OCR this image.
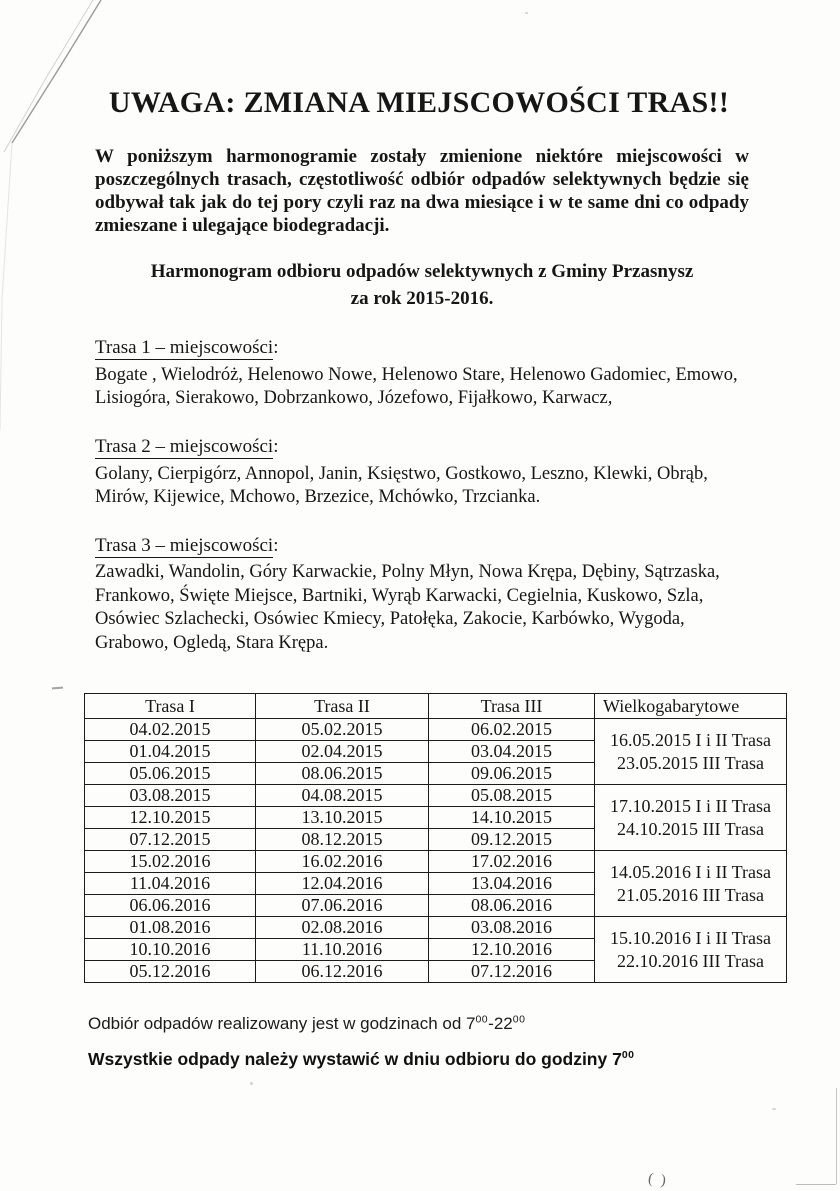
( )
UWAGA: ZMIANA MIEJSCOWOŚCI TRAS!!

W poniższym harmonogramie zostały zmienione niektóre miejscowości w poszczególnych trasach, częstotliwość odbiór odpadów selektywnych będzie się odbywał tak jak do tej pory czyli raz na dwa miesiące i w te same dni co odpady zmieszane i ulegające biodegradacji.

Harmonogram odbioru odpadów selektywnych z Gminy Przasnysz
za rok 2015-2016.
Trasa 1 – miejscowości:
Bogate , Wielodróż, Helenowo Nowe, Helenowo Stare, Helenowo Gadomiec, Emowo, Lisiogóra, Sierakowo, Dobrzankowo, Józefowo, Fijałkowo, Karwacz,
Trasa 2 – miejscowości:
Golany, Cierpigórz, Annopol, Janin, Księstwo, Gostkowo, Leszno, Klewki, Obrąb, Mirów, Kijewice, Mchowo, Brzezice, Mchówko, Trzcianka.
Trasa 3 – miejscowości:
Zawadki, Wandolin, Góry Karwackie, Polny Młyn, Nowa Krępa, Dębiny, Sątrzaska, Frankowo, Święte Miejsce, Bartniki, Wyrąb Karwacki, Cegielnia, Kuskowo, Szla, Osówiec Szlachecki, Osówiec Kmiecy, Patołęka, Zakocie, Karbówko, Wygoda, Grabowo, Ogledą, Stara Krępa.
Trasa I	Trasa II	Trasa III	Wielkogabarytowe
04.02.2015	05.02.2015	06.02.2015	16.05.2015 I i II Trasa
23.05.2015 III Trasa

01.04.2015	02.04.2015	03.04.2015	
05.06.2015	08.06.2015	09.06.2015	
03.08.2015	04.08.2015	05.08.2015	17.10.2015 I i II Trasa
24.10.2015 III Trasa

12.10.2015	13.10.2015	14.10.2015	
07.12.2015	08.12.2015	09.12.2015	
15.02.2016	16.02.2016	17.02.2016	14.05.2016 I i II Trasa
21.05.2016 III Trasa

11.04.2016	12.04.2016	13.04.2016	
06.06.2016	07.06.2016	08.06.2016	
01.08.2016	02.08.2016	03.08.2016	15.10.2016 I i II Trasa
22.10.2016 III Trasa

10.10.2016	11.10.2016	12.10.2016	
05.12.2016	06.12.2016	07.12.2016	
Odbiór odpadów realizowany jest w godzinach od $7^{00}-22^{00}$
Wszystkie odpady należy wystawić w dniu odbioru do godziny $7^{00}$
